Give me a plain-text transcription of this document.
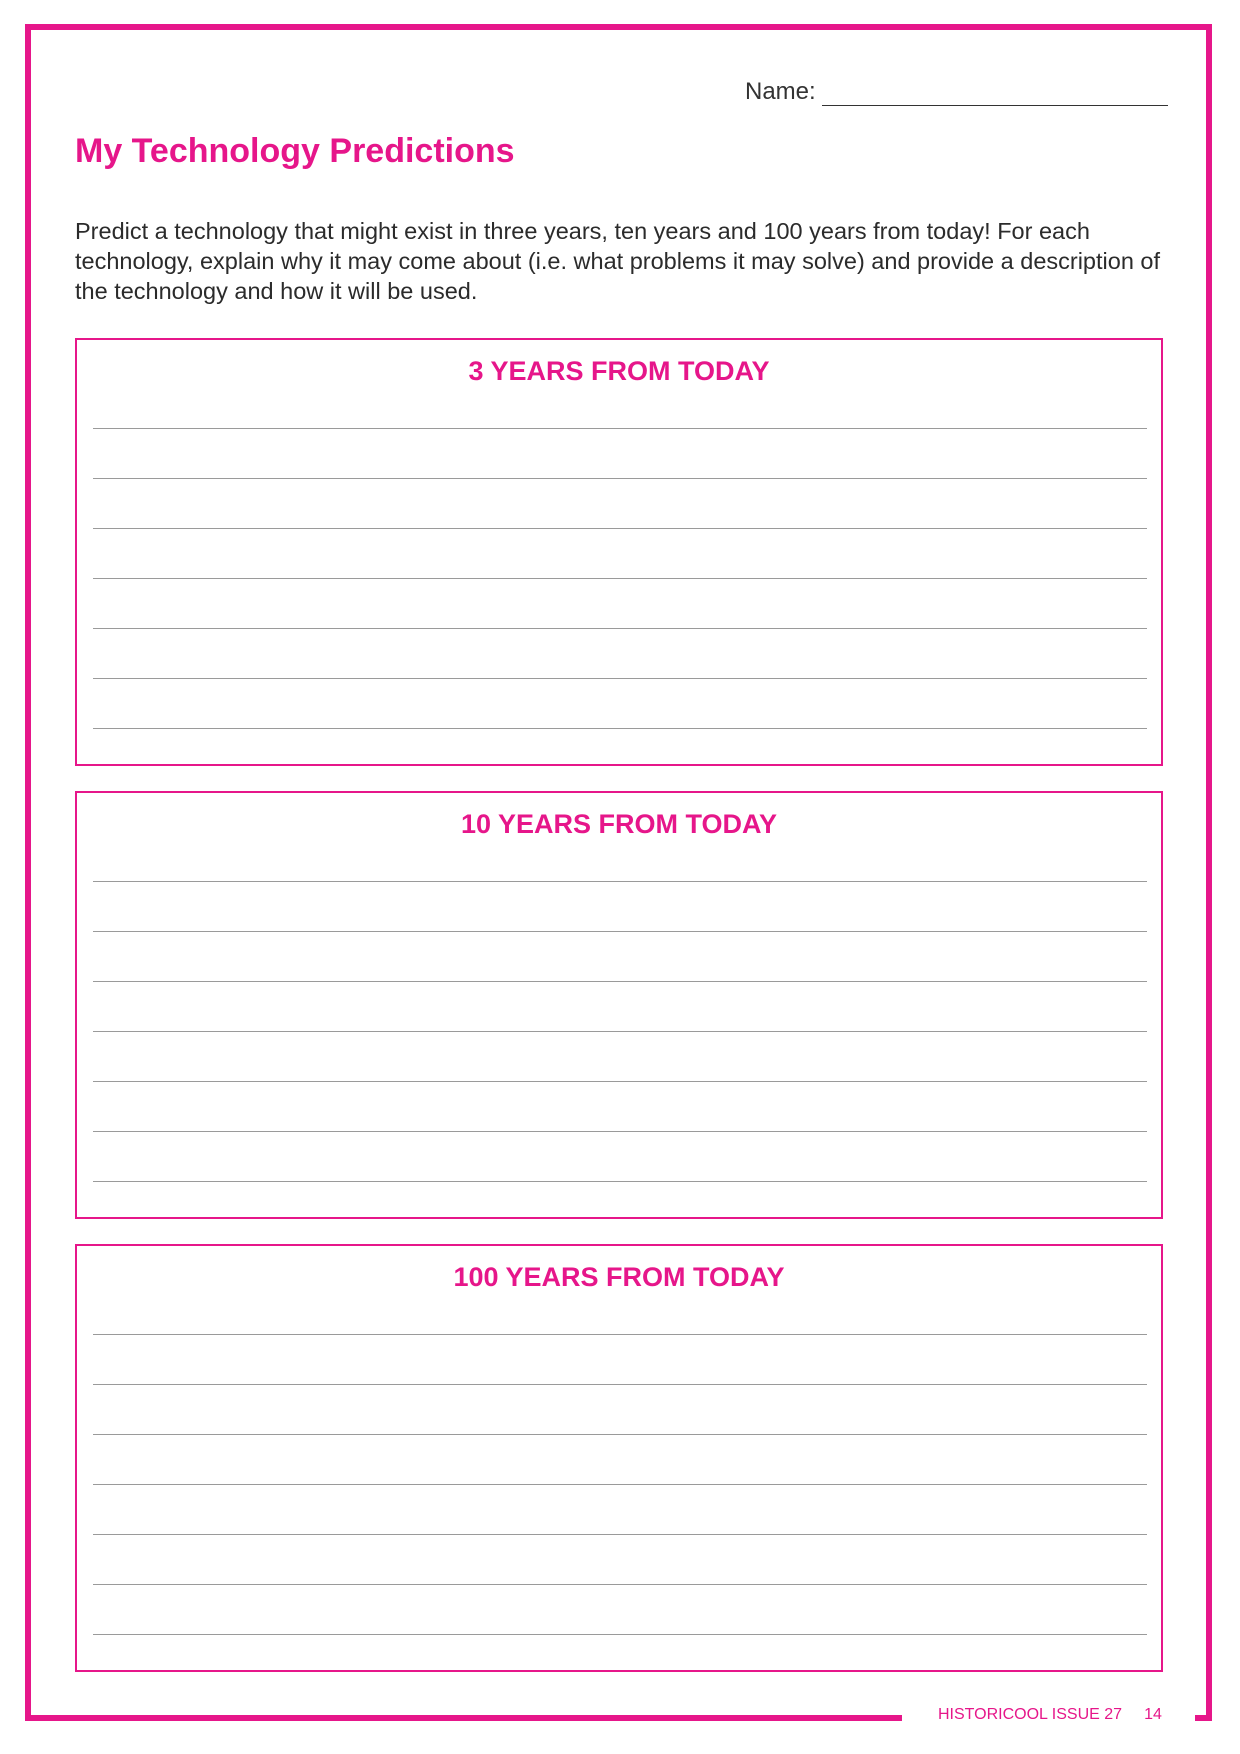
Name:
My Technology Predictions

Predict a technology that might exist in three years, ten years and 100 years from today! For each technology, explain why it may come about (i.e. what problems it may solve) and provide a description of the technology and how it will be used.

3 YEARS FROM TODAY
10 YEARS FROM TODAY
100 YEARS FROM TODAY
HISTORICOOL ISSUE 27 14
